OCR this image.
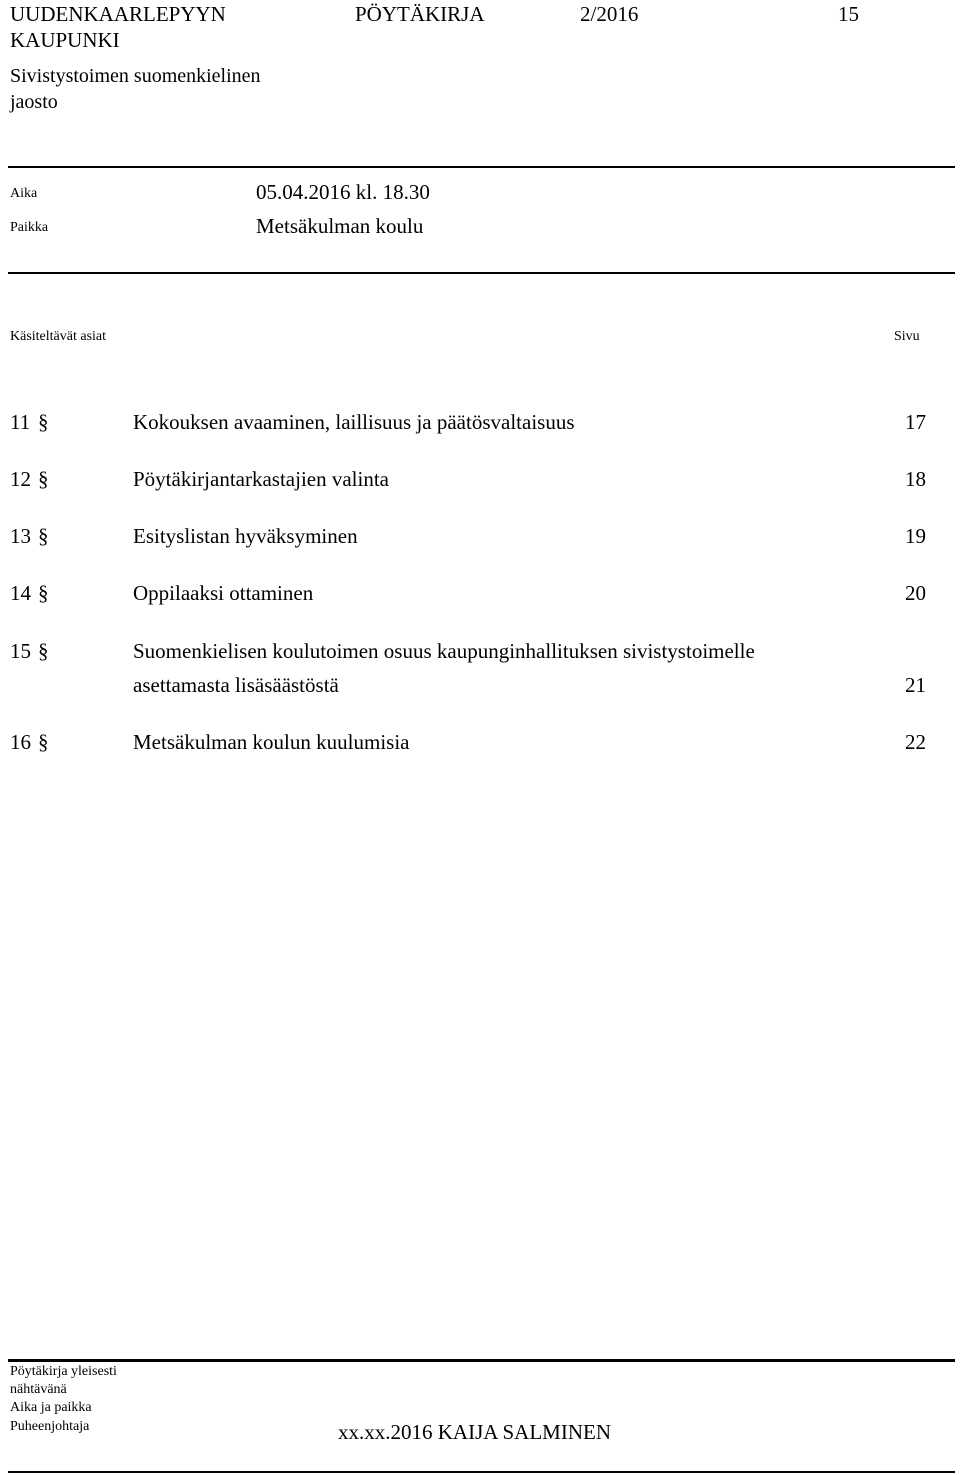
UUDENKAARLEPYYN
KAUPUNKI
Sivistystoimen suomenkielinen
jaosto
PÖYTÄKIRJA	2/2016	15
Aika	05.04.2016 kl. 18.30
Paikka	Metsäkulman koulu
Käsiteltävät asiat	Sivu
11 §	Kokouksen avaaminen, laillisuus ja päätösvaltaisuus	17
12 §	Pöytäkirjantarkastajien valinta	18
13 §	Esityslistan hyväksyminen	19
14 §	Oppilaaksi ottaminen	20
15 §	Suomenkielisen koulutoimen osuus kaupunginhallituksen sivistystoimelle
asettamasta lisäsäästöstä	21
16 §	Metsäkulman koulun kuulumisia	22
Pöytäkirja yleisesti
nähtävänä
Aika ja paikka
Puheenjohtaja	xx.xx.2016 KAIJA SALMINEN
